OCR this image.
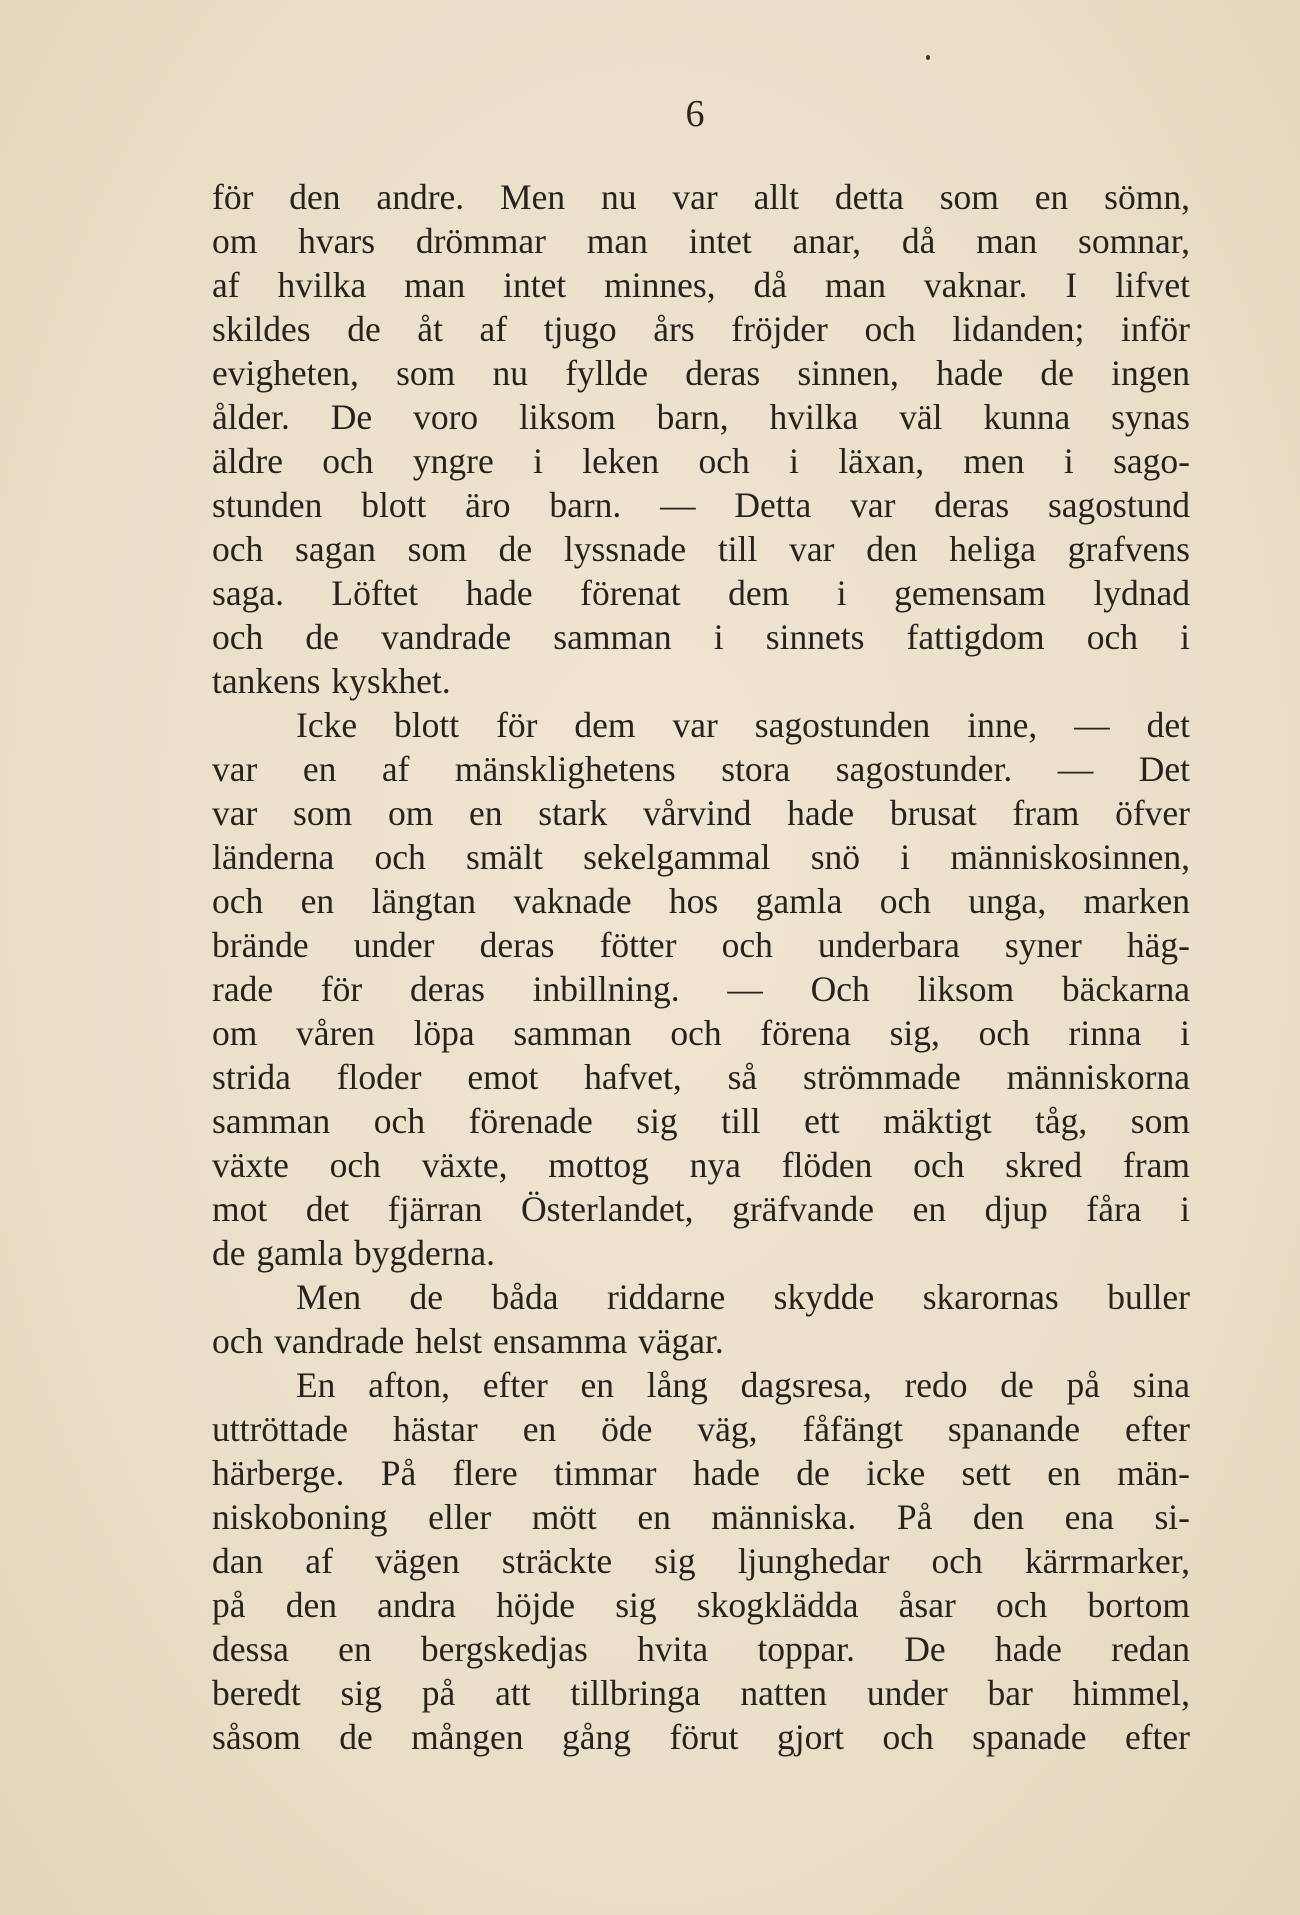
6
för den andre. Men nu var allt detta som en sömn,
om hvars drömmar man intet anar, då man somnar,
af hvilka man intet minnes, då man vaknar. I lifvet
skildes de åt af tjugo års fröjder och lidanden; inför
evigheten, som nu fyllde deras sinnen, hade de ingen
ålder. De voro liksom barn, hvilka väl kunna synas
äldre och yngre i leken och i läxan, men i sago-
stunden blott äro barn. — Detta var deras sagostund
och sagan som de lyssnade till var den heliga grafvens
saga. Löftet hade förenat dem i gemensam lydnad
och de vandrade samman i sinnets fattigdom och i
tankens kyskhet.
Icke blott för dem var sagostunden inne, — det
var en af mänsklighetens stora sagostunder. — Det
var som om en stark vårvind hade brusat fram öfver
länderna och smält sekelgammal snö i människosinnen,
och en längtan vaknade hos gamla och unga, marken
brände under deras fötter och underbara syner häg-
rade för deras inbillning. — Och liksom bäckarna
om våren löpa samman och förena sig, och rinna i
strida floder emot hafvet, så strömmade människorna
samman och förenade sig till ett mäktigt tåg, som
växte och växte, mottog nya flöden och skred fram
mot det fjärran Österlandet, gräfvande en djup fåra i
de gamla bygderna.
Men de båda riddarne skydde skarornas buller
och vandrade helst ensamma vägar.
En afton, efter en lång dagsresa, redo de på sina
uttröttade hästar en öde väg, fåfängt spanande efter
härberge. På flere timmar hade de icke sett en män-
niskoboning eller mött en människa. På den ena si-
dan af vägen sträckte sig ljunghedar och kärrmarker,
på den andra höjde sig skogklädda åsar och bortom
dessa en bergskedjas hvita toppar. De hade redan
beredt sig på att tillbringa natten under bar himmel,
såsom de mången gång förut gjort och spanade efter
